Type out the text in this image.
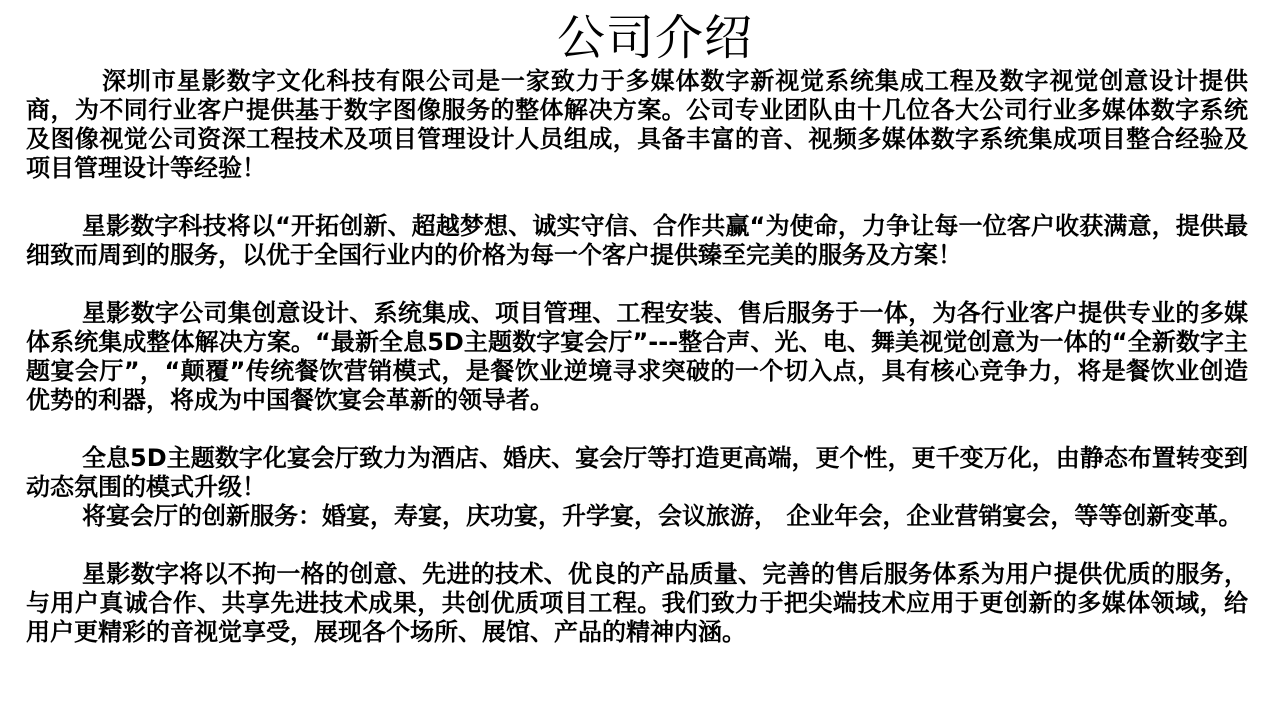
公司介绍

深圳市星影数字文化科技有限公司是一家致力于多媒体数字新视觉系统集成工程及数字视觉创意设计提供商，为不同行业客户提供基于数字图像服务的整体解决方案。公司专业团队由十几位各大公司行业多媒体数字系统及图像视觉公司资深工程技术及项目管理设计人员组成，具备丰富的音、视频多媒体数字系统集成项目整合经验及项目管理设计等经验！

星影数字科技将以“开拓创新、超越梦想、诚实守信、合作共赢“为使命，力争让每一位客户收获满意，提供最细致而周到的服务，以优于全国行业内的价格为每一个客户提供臻至完美的服务及方案！

星影数字公司集创意设计、系统集成、项目管理、工程安装、售后服务于一体，为各行业客户提供专业的多媒体系统集成整体解决方案。“最新全息5D主题数字宴会厅”---整合声、光、电、舞美视觉创意为一体的“全新数字主题宴会厅”，“颠覆”传统餐饮营销模式，是餐饮业逆境寻求突破的一个切入点，具有核心竞争力，将是餐饮业创造优势的利器，将成为中国餐饮宴会革新的领导者。

全息5D主题数字化宴会厅致力为酒店、婚庆、宴会厅等打造更高端，更个性，更千变万化，由静态布置转变到动态氛围的模式升级！

将宴会厅的创新服务：婚宴，寿宴，庆功宴，升学宴，会议旅游， 企业年会，企业营销宴会，等等创新变革。

星影数字将以不拘一格的创意、先进的技术、优良的产品质量、完善的售后服务体系为用户提供优质的服务，与用户真诚合作、共享先进技术成果，共创优质项目工程。我们致力于把尖端技术应用于更创新的多媒体领域，给用户更精彩的音视觉享受，展现各个场所、展馆、产品的精神内涵。
